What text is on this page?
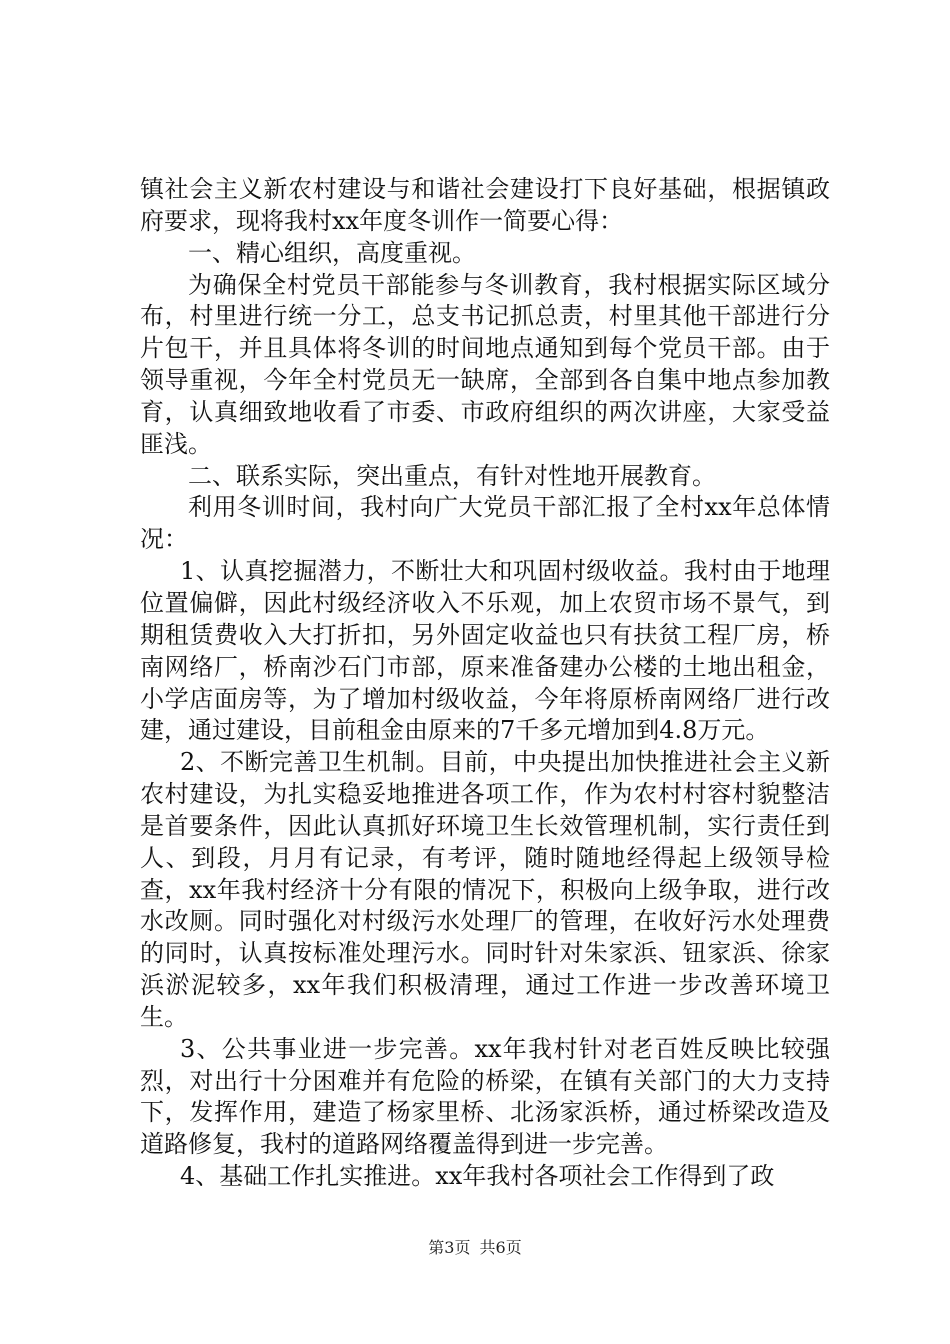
镇社会主义新农村建设与和谐社会建设打下良好基础，根据镇政府要求，现将我村xx年度冬训作一简要心得：

一、精心组织，高度重视。

为确保全村党员干部能参与冬训教育，我村根据实际区域分布，村里进行统一分工，总支书记抓总责，村里其他干部进行分片包干，并且具体将冬训的时间地点通知到每个党员干部。由于领导重视，今年全村党员无一缺席，全部到各自集中地点参加教育，认真细致地收看了市委、市政府组织的两次讲座，大家受益匪浅。

二、联系实际，突出重点，有针对性地开展教育。

利用冬训时间，我村向广大党员干部汇报了全村xx年总体情况：

1、认真挖掘潜力，不断壮大和巩固村级收益。我村由于地理位置偏僻，因此村级经济收入不乐观，加上农贸市场不景气，到期租赁费收入大打折扣，另外固定收益也只有扶贫工程厂房，桥南网络厂，桥南沙石门市部，原来准备建办公楼的土地出租金，小学店面房等，为了增加村级收益，今年将原桥南网络厂进行改建，通过建设，目前租金由原来的7千多元增加到4.8万元。

2、不断完善卫生机制。目前，中央提出加快推进社会主义新农村建设，为扎实稳妥地推进各项工作，作为农村村容村貌整洁是首要条件，因此认真抓好环境卫生长效管理机制，实行责任到人、到段，月月有记录，有考评，随时随地经得起上级领导检查，xx年我村经济十分有限的情况下，积极向上级争取，进行改水改厕。同时强化对村级污水处理厂的管理，在收好污水处理费的同时，认真按标准处理污水。同时针对朱家浜、钮家浜、徐家浜淤泥较多，xx年我们积极清理，通过工作进一步改善环境卫生。

3、公共事业进一步完善。xx年我村针对老百姓反映比较强烈，对出行十分困难并有危险的桥梁，在镇有关部门的大力支持下，发挥作用，建造了杨家里桥、北汤家浜桥，通过桥梁改造及道路修复，我村的道路网络覆盖得到进一步完善。

4、基础工作扎实推进。xx年我村各项社会工作得到了政

第3页 共6页
